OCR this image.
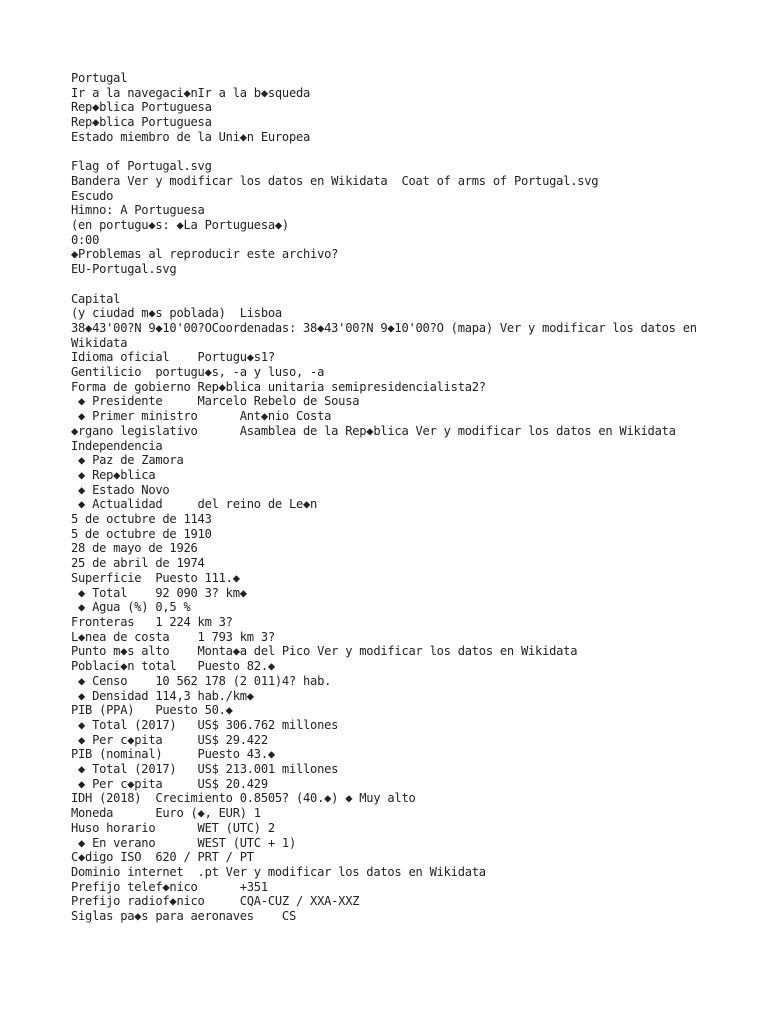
Portugal
Ir a la navegaci◆nIr a la b◆squeda
Rep◆blica Portuguesa
Rep◆blica Portuguesa
Estado miembro de la Uni◆n Europea
Flag of Portugal.svg
Bandera Ver y modificar los datos en Wikidata  Coat of arms of Portugal.svg
Escudo
Himno: A Portuguesa
(en portugu◆s: ◆La Portuguesa◆)
0:00
◆Problemas al reproducir este archivo?
EU-Portugal.svg
Capital
(y ciudad m◆s poblada)  Lisboa
38◆43'00?N 9◆10'00?OCoordenadas: 38◆43'00?N 9◆10'00?O (mapa) Ver y modificar los datos en Wikidata
Idioma oficial    Portugu◆s1?
Gentilicio  portugu◆s, -a y luso, -a
Forma de gobierno Rep◆blica unitaria semipresidencialista2?
◆ Presidente     Marcelo Rebelo de Sousa
◆ Primer ministro      Ant◆nio Costa
◆rgano legislativo      Asamblea de la Rep◆blica Ver y modificar los datos en Wikidata
Independencia
◆ Paz de Zamora
◆ Rep◆blica
◆ Estado Novo
◆ Actualidad     del reino de Le◆n
5 de octubre de 1143
5 de octubre de 1910
28 de mayo de 1926
25 de abril de 1974
Superficie  Puesto 111.◆
◆ Total    92 090 3? km◆
◆ Agua (%) 0,5 %
Fronteras   1 224 km 3?
L◆nea de costa    1 793 km 3?
Punto m◆s alto    Monta◆a del Pico Ver y modificar los datos en Wikidata
Poblaci◆n total   Puesto 82.◆
◆ Censo    10 562 178 (2 011)4? hab.
◆ Densidad 114,3 hab./km◆
PIB (PPA)   Puesto 50.◆
◆ Total (2017)   US$ 306.762 millones
◆ Per c◆pita     US$ 29.422
PIB (nominal)     Puesto 43.◆
◆ Total (2017)   US$ 213.001 millones
◆ Per c◆pita     US$ 20.429
IDH (2018)  Crecimiento 0.8505? (40.◆) ◆ Muy alto
Moneda      Euro (◆, EUR) 1
Huso horario      WET (UTC) 2
◆ En verano      WEST (UTC + 1)
C◆digo ISO  620 / PRT / PT
Dominio internet  .pt Ver y modificar los datos en Wikidata
Prefijo telef◆nico      +351
Prefijo radiof◆nico     CQA-CUZ / XXA-XXZ
Siglas pa◆s para aeronaves    CS
